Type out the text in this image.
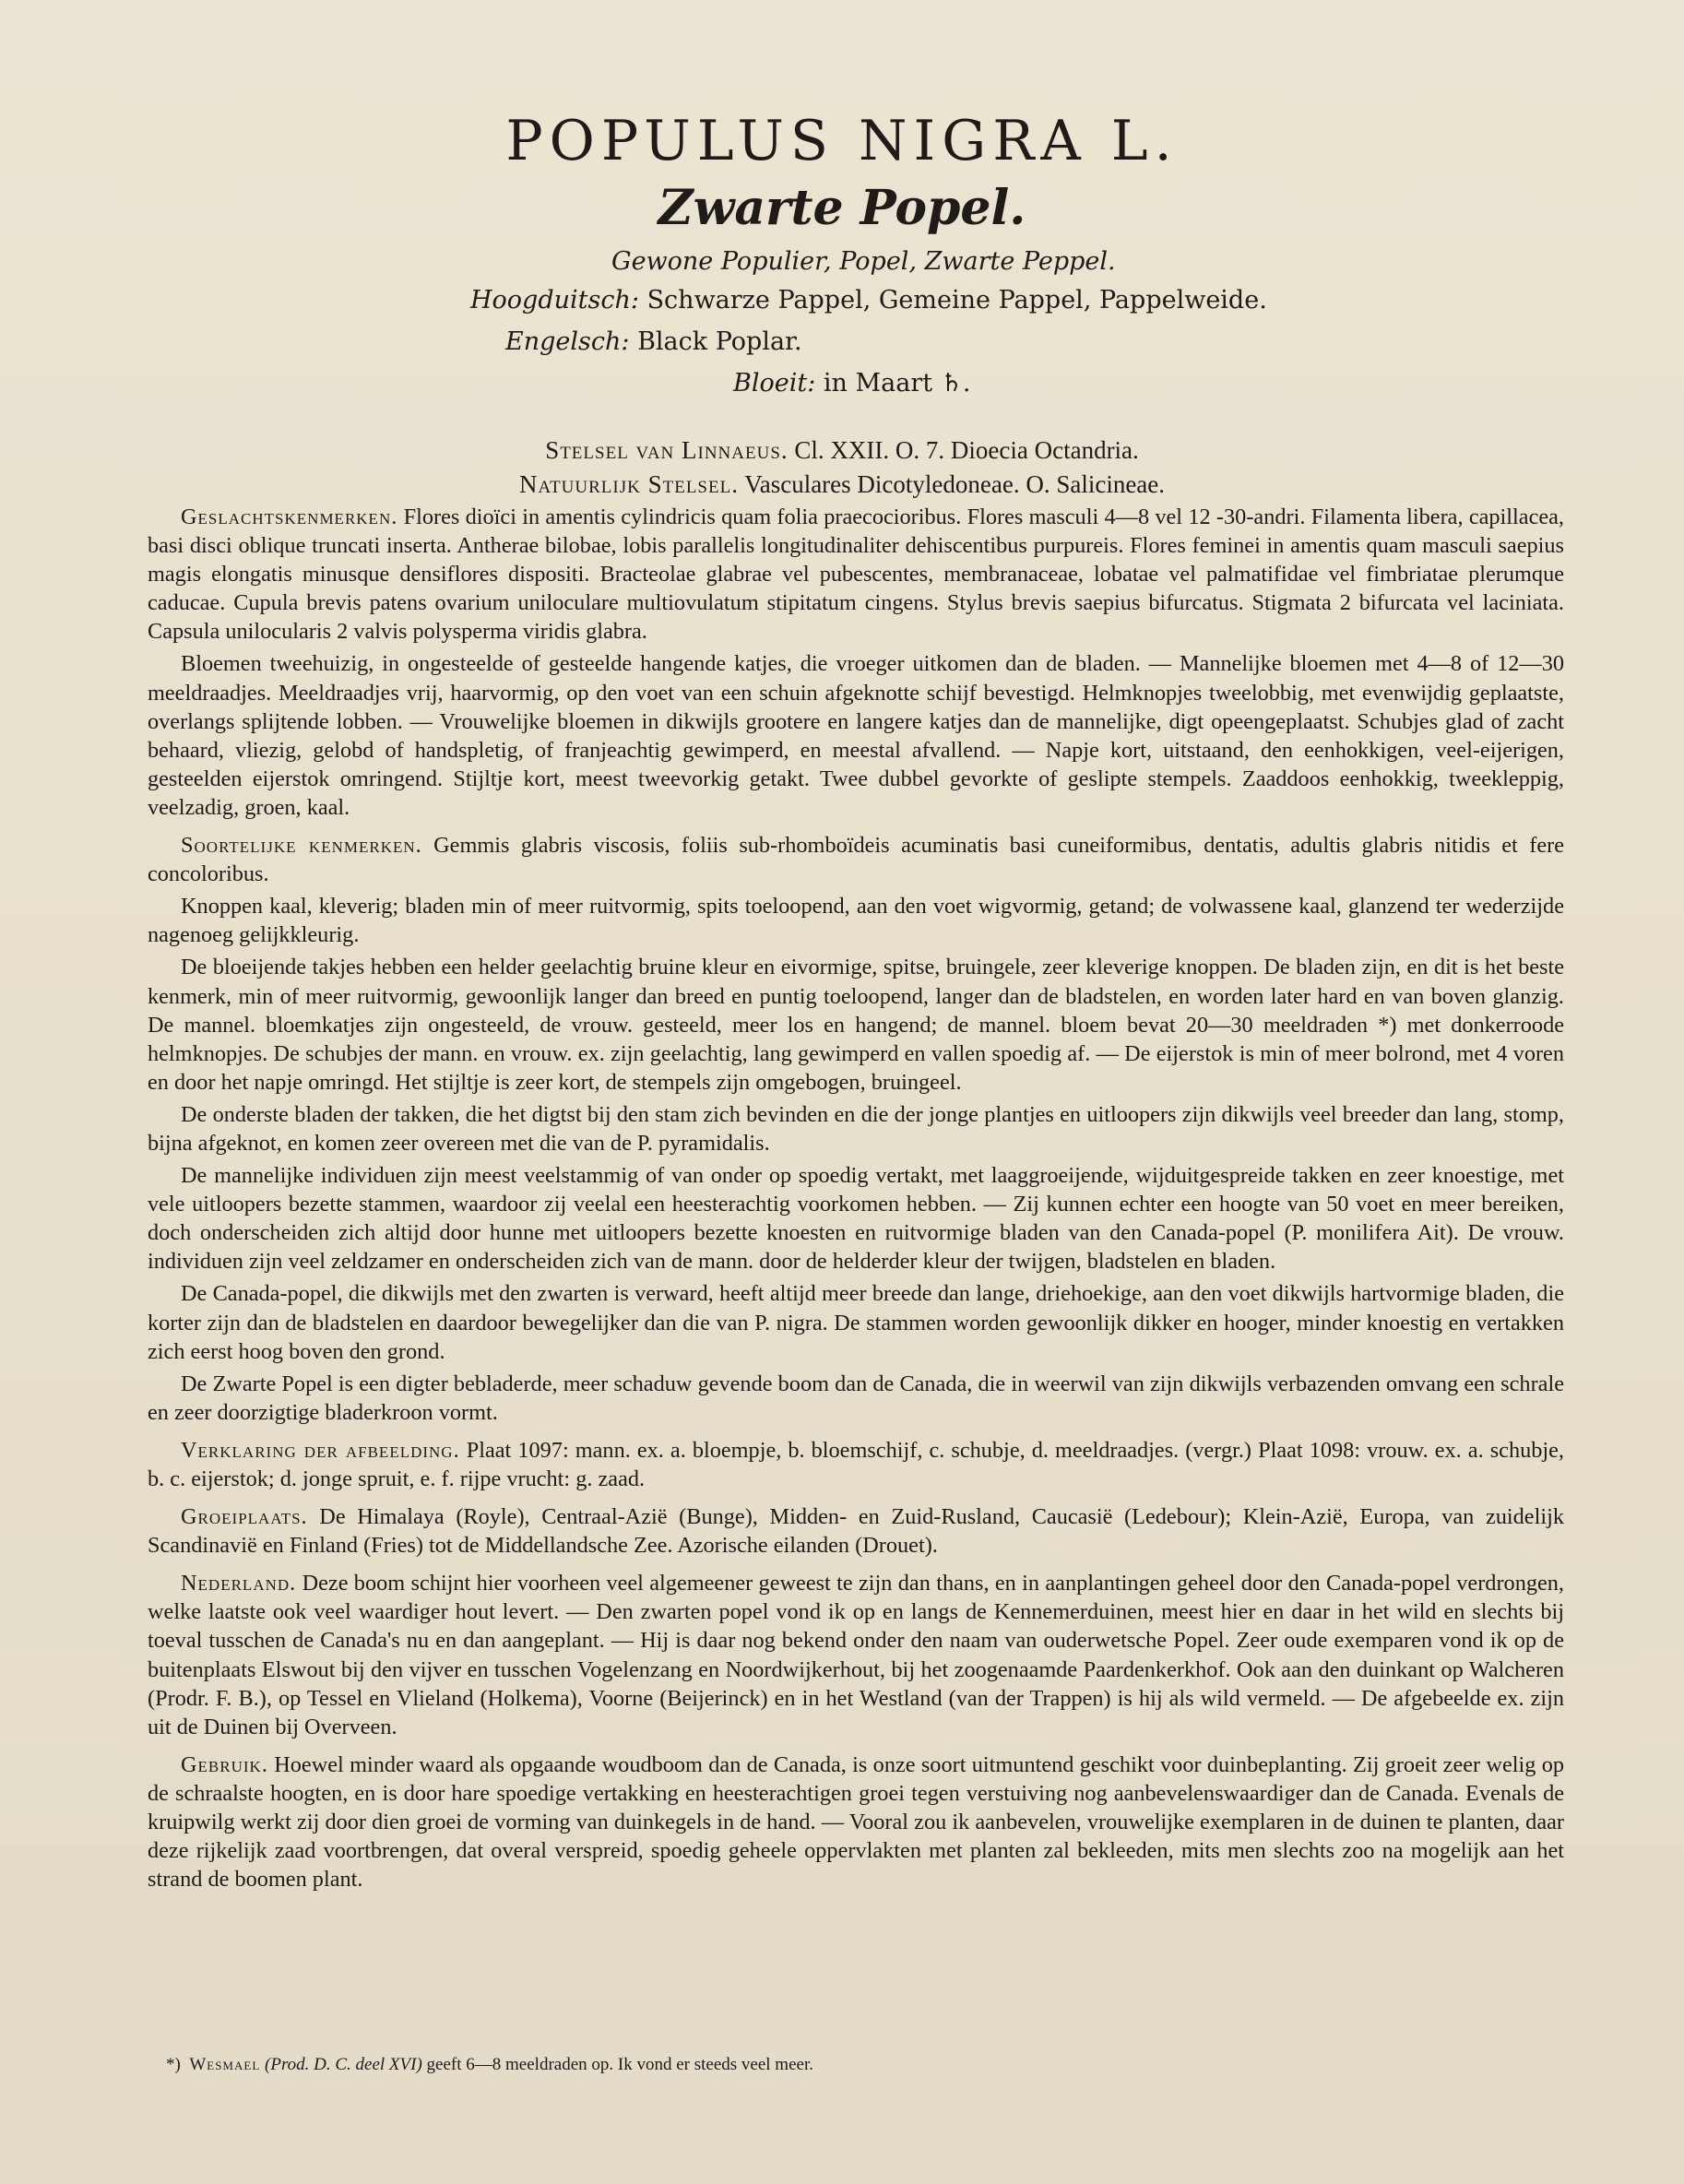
POPULUS NIGRA L.
Zwarte Popel.
Gewone Populier, Popel, Zwarte Peppel.
Hoogduitsch: Schwarze Pappel, Gemeine Pappel, Pappelweide.
Engelsch: Black Poplar.
Bloeit: in Maart ♄.
Stelsel van Linnaeus. Cl. XXII. O. 7. Dioecia Octandria.
Natuurlijk Stelsel. Vasculares Dicotyledoneae. O. Salicineae.

Geslachtskenmerken. Flores dioïci in amentis cylindricis quam folia praecocioribus. Flores masculi 4—8 vel 12 -30-andri. Filamenta libera, capillacea, basi disci oblique truncati inserta. Antherae bilobae, lobis parallelis longitudinaliter dehiscentibus purpureis. Flores feminei in amentis quam masculi saepius magis elongatis minusque densiflores dispositi. Bracteolae glabrae vel pubescentes, membranaceae, lobatae vel palmatifidae vel fimbriatae plerumque caducae. Cupula brevis patens ovarium uniloculare multiovulatum stipitatum cingens. Stylus brevis saepius bifurcatus. Stigmata 2 bifurcata vel laciniata. Capsula unilocularis 2 valvis polysperma viridis glabra.

Bloemen tweehuizig, in ongesteelde of gesteelde hangende katjes, die vroeger uitkomen dan de bladen. — Mannelijke bloemen met 4—8 of 12—30 meeldraadjes. Meeldraadjes vrij, haarvormig, op den voet van een schuin afgeknotte schijf bevestigd. Helmknopjes tweelobbig, met evenwijdig geplaatste, overlangs splijtende lobben. — Vrouwelijke bloemen in dikwijls grootere en langere katjes dan de mannelijke, digt opeengeplaatst. Schubjes glad of zacht behaard, vliezig, gelobd of handspletig, of franjeachtig gewimperd, en meestal afvallend. — Napje kort, uitstaand, den eenhokkigen, veel-eijerigen, gesteelden eijerstok omringend. Stijltje kort, meest tweevorkig getakt. Twee dubbel gevorkte of geslipte stempels. Zaaddoos eenhokkig, tweekleppig, veelzadig, groen, kaal.

Soortelijke kenmerken. Gemmis glabris viscosis, foliis sub-rhomboïdeis acuminatis basi cuneiformibus, dentatis, adultis glabris nitidis et fere concoloribus.

Knoppen kaal, kleverig; bladen min of meer ruitvormig, spits toeloopend, aan den voet wigvormig, getand; de volwassene kaal, glanzend ter wederzijde nagenoeg gelijkkleurig.

De bloeijende takjes hebben een helder geelachtig bruine kleur en eivormige, spitse, bruingele, zeer kleverige knoppen. De bladen zijn, en dit is het beste kenmerk, min of meer ruitvormig, gewoonlijk langer dan breed en puntig toeloopend, langer dan de bladstelen, en worden later hard en van boven glanzig. De mannel. bloemkatjes zijn ongesteeld, de vrouw. gesteeld, meer los en hangend; de mannel. bloem bevat 20—30 meeldraden *) met donkerroode helmknopjes. De schubjes der mann. en vrouw. ex. zijn geelachtig, lang gewimperd en vallen spoedig af. — De eijerstok is min of meer bolrond, met 4 voren en door het napje omringd. Het stijltje is zeer kort, de stempels zijn omgebogen, bruingeel.

De onderste bladen der takken, die het digtst bij den stam zich bevinden en die der jonge plantjes en uitloopers zijn dikwijls veel breeder dan lang, stomp, bijna afgeknot, en komen zeer overeen met die van de P. pyramidalis.

De mannelijke individuen zijn meest veelstammig of van onder op spoedig vertakt, met laaggroeijende, wijduitgespreide takken en zeer knoestige, met vele uitloopers bezette stammen, waardoor zij veelal een heesterachtig voorkomen hebben. — Zij kunnen echter een hoogte van 50 voet en meer bereiken, doch onderscheiden zich altijd door hunne met uitloopers bezette knoesten en ruitvormige bladen van den Canada-popel (P. monilifera Ait). De vrouw. individuen zijn veel zeldzamer en onderscheiden zich van de mann. door de helderder kleur der twijgen, bladstelen en bladen.

De Canada-popel, die dikwijls met den zwarten is verward, heeft altijd meer breede dan lange, driehoekige, aan den voet dikwijls hartvormige bladen, die korter zijn dan de bladstelen en daardoor bewegelijker dan die van P. nigra. De stammen worden gewoonlijk dikker en hooger, minder knoestig en vertakken zich eerst hoog boven den grond.

De Zwarte Popel is een digter bebladerde, meer schaduw gevende boom dan de Canada, die in weerwil van zijn dikwijls verbazenden omvang een schrale en zeer doorzigtige bladerkroon vormt.

Verklaring der afbeelding. Plaat 1097: mann. ex. a. bloempje, b. bloemschijf, c. schubje, d. meeldraadjes. (vergr.) Plaat 1098: vrouw. ex. a. schubje, b. c. eijerstok; d. jonge spruit, e. f. rijpe vrucht: g. zaad.

Groeiplaats. De Himalaya (Royle), Centraal-Azië (Bunge), Midden- en Zuid-Rusland, Caucasië (Ledebour); Klein-Azië, Europa, van zuidelijk Scandinavië en Finland (Fries) tot de Middellandsche Zee. Azorische eilanden (Drouet).

Nederland. Deze boom schijnt hier voorheen veel algemeener geweest te zijn dan thans, en in aanplantingen geheel door den Canada-popel verdrongen, welke laatste ook veel waardiger hout levert. — Den zwarten popel vond ik op en langs de Kennemerduinen, meest hier en daar in het wild en slechts bij toeval tusschen de Canada's nu en dan aangeplant. — Hij is daar nog bekend onder den naam van ouderwetsche Popel. Zeer oude exemparen vond ik op de buitenplaats Elswout bij den vijver en tusschen Vogelenzang en Noordwijkerhout, bij het zoogenaamde Paardenkerkhof. Ook aan den duinkant op Walcheren (Prodr. F. B.), op Tessel en Vlieland (Holkema), Voorne (Beijerinck) en in het Westland (van der Trappen) is hij als wild vermeld. — De afgebeelde ex. zijn uit de Duinen bij Overveen.

Gebruik. Hoewel minder waard als opgaande woudboom dan de Canada, is onze soort uitmuntend geschikt voor duinbeplanting. Zij groeit zeer welig op de schraalste hoogten, en is door hare spoedige vertakking en heesterachtigen groei tegen verstuiving nog aanbevelenswaardiger dan de Canada. Evenals de kruipwilg werkt zij door dien groei de vorming van duinkegels in de hand. — Vooral zou ik aanbevelen, vrouwelijke exemplaren in de duinen te planten, daar deze rijkelijk zaad voortbrengen, dat overal verspreid, spoedig geheele oppervlakten met planten zal bekleeden, mits men slechts zoo na mogelijk aan het strand de boomen plant.

*) Wesmael (Prod. D. C. deel XVI) geeft 6—8 meeldraden op. Ik vond er steeds veel meer.
